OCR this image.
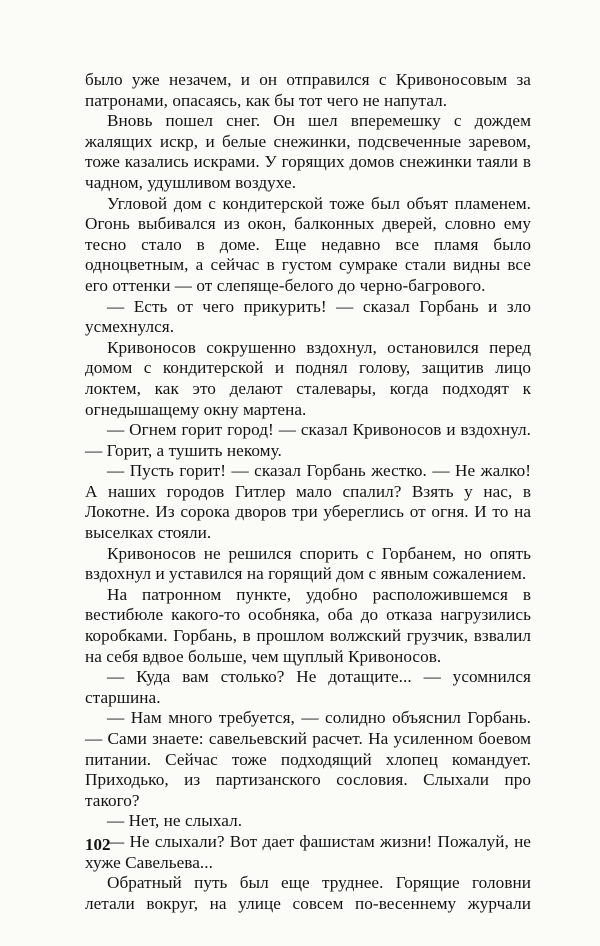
было уже незачем, и он отправился с Кривоносовым за патронами, опасаясь, как бы тот чего не напутал.

Вновь пошел снег. Он шел вперемешку с дождем жалящих искр, и белые снежинки, подсвеченные заревом, тоже казались искрами. У горящих домов снежинки таяли в чадном, удушливом воздухе.

Угловой дом с кондитерской тоже был объят пламенем. Огонь выбивался из окон, балконных дверей, словно ему тесно стало в доме. Еще недавно все пламя было одноцветным, а сейчас в густом сумраке стали видны все его оттенки — от слепяще-белого до черно-багрового.

— Есть от чего прикурить! — сказал Горбань и зло усмехнулся.

Кривоносов сокрушенно вздохнул, остановился перед домом с кондитерской и поднял голову, защитив лицо локтем, как это делают сталевары, когда подходят к огнедышащему окну мартена.

— Огнем горит город! — сказал Кривоносов и вздохнул. — Горит, а тушить некому.

— Пусть горит! — сказал Горбань жестко. — Не жалко! А наших городов Гитлер мало спалил? Взять у нас, в Локотне. Из сорока дворов три убереглись от огня. И то на выселках стояли.

Кривоносов не решился спорить с Горбанем, но опять вздохнул и уставился на горящий дом с явным сожалением.

На патронном пункте, удобно расположившемся в вестибюле какого-то особняка, оба до отказа нагрузились коробками. Горбань, в прошлом волжский грузчик, взвалил на себя вдвое больше, чем щуплый Кривоносов.

— Куда вам столько? Не дотащите... — усомнился старшина.

— Нам много требуется, — солидно объяснил Горбань. — Сами знаете: савельевский расчет. На усиленном боевом питании. Сейчас тоже подходящий хлопец командует. Приходько, из партизанского сословия. Слыхали про такого?

— Нет, не слыхал.

— Не слыхали? Вот дает фашистам жизни! Пожалуй, не хуже Савельева...

Обратный путь был еще труднее. Горящие головни летали вокруг, на улице совсем по-весеннему журчали

102
